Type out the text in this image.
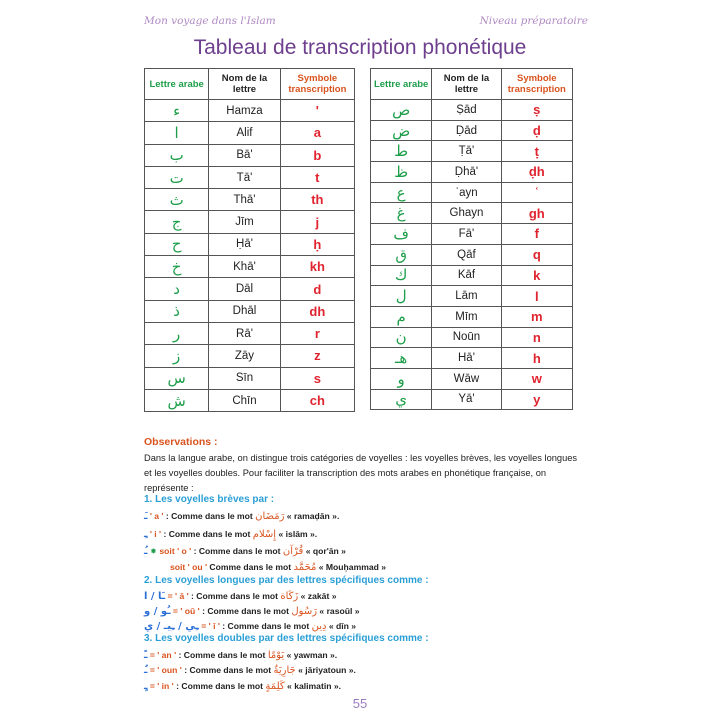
Mon voyage dans l'Islam	Niveau préparatoire
Tableau de transcription phonétique
Lettre arabe	Nom de la lettre	Symbole transcription
ء	Hamza	'
ا	Alif	a
ب	Bā'	b
ت	Tā'	t
ث	Thā'	th
ج	Jīm	j
ح	Ḥā'	ḥ
خ	Khā'	kh
د	Dāl	d
ذ	Dhāl	dh
ر	Rā'	r
ز	Zāy	z
س	Sīn	s
ش	Chīn	ch
Lettre arabe	Nom de la lettre	Symbole transcription
ص	Ṣād	ṣ
ض	Ḍād	ḍ
ط	Ṭā'	ṭ
ظ	Ḍhā'	ḍh
ع	ʿayn	ʿ
غ	Ghayn	gh
ف	Fā'	f
ق	Qāf	q
ك	Kāf	k
ل	Lām	l
م	Mīm	m
ن	Noūn	n
هـ	Hā'	h
و	Wāw	w
ي	Yā'	y
Observations :
Dans la langue arabe, on distingue trois catégories de voyelles : les voyelles brèves, les voyelles longues et les voyelles doubles. Pour faciliter la transcription des mots arabes en phonétique française, on représente :
1. Les voyelles brèves par :
َـ ' a ' : Comme dans le mot رَمَضَان « ramaḍān ».
ِـ ' i ' : Comme dans le mot إِسْلام « islām ».
ُـ ⁕ soit ' o ' : Comme dans le mot قُرْآن « qor'ān »
soit ' ou ' Comme dans le mot مُحَمَّد « Mouḥammad »
2. Les voyelles longues par des lettres spécifiques comme :
ـَا / ا = ' ā ' : Comme dans le mot زَكَاة « zakāt »
ـُو / و = ' oū ' : Comme dans le mot رَسُول « rasoūl »
ـِي / ـِيـ / ي = ' ī ' : Comme dans le mot دِين « dīn »
3. Les voyelles doubles par des lettres spécifiques comme :
ـً = ' an ' : Comme dans le mot يَوْمًا « yawman ».
ـٌ = ' oun ' : Comme dans le mot جَارِيَةٌ « jāriyatoun ».
ـٍ = ' in ' : Comme dans le mot كَلِمَةٍ « kalimatin ».
55
